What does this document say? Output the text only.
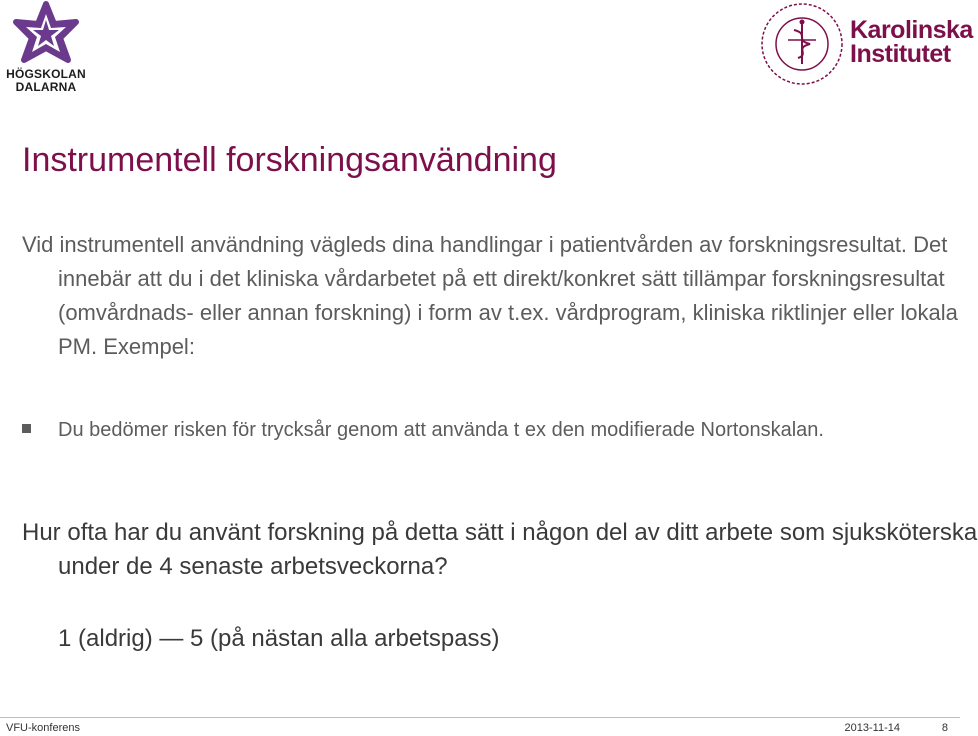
HÖGSKOLAN
DALARNA
Karolinska
Institutet
Instrumentell forskningsanvändning
Vid instrumentell användning vägleds dina handlingar i patientvården av forskningsresultat. Det innebär att du i det kliniska vårdarbetet på ett direkt/konkret sätt tillämpar forskningsresultat (omvårdnads- eller annan forskning) i form av t.ex. vårdprogram, kliniska riktlinjer eller lokala PM. Exempel:
Du bedömer risken för trycksår genom att använda t ex den modifierade Nortonskalan.
Hur ofta har du använt forskning på detta sätt i någon del av ditt arbete som sjuksköterska under de 4 senaste arbetsveckorna?
1 (aldrig) — 5 (på nästan alla arbetspass)
VFU-konferens	2013-11-14	8
